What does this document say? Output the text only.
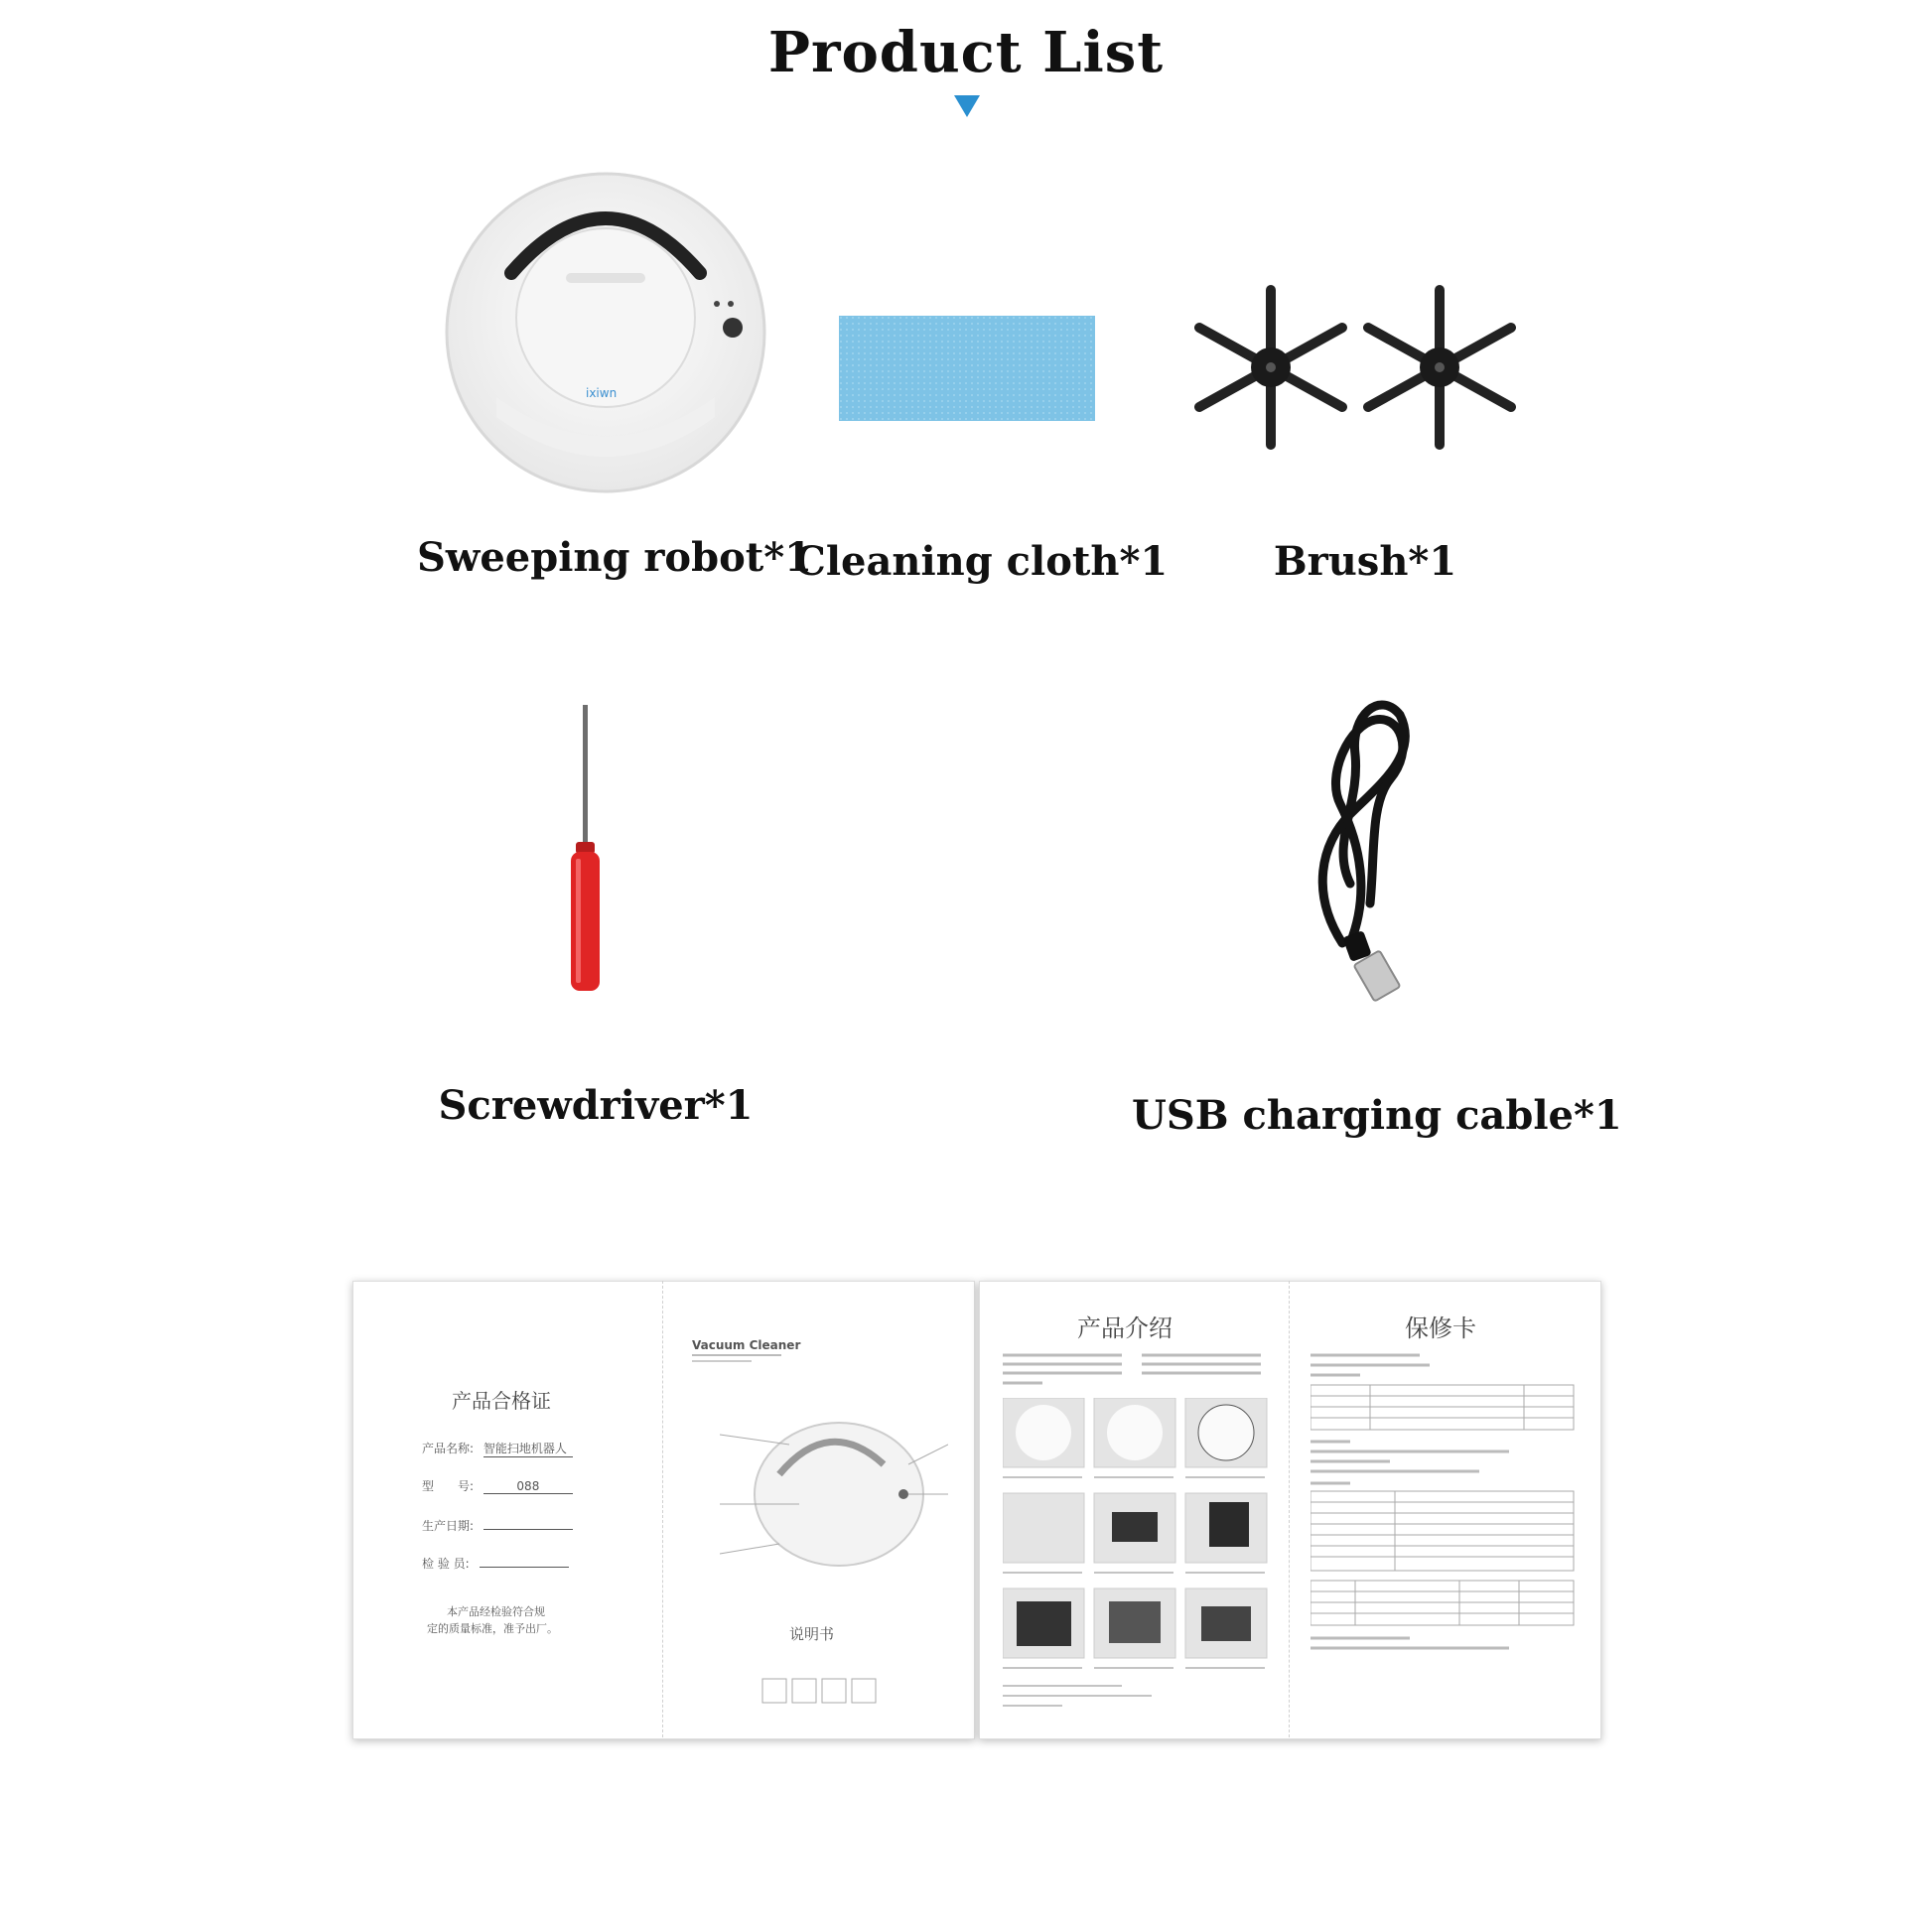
Product List
ixiwn
Sweeping robot*1
Cleaning cloth*1	Brush*1
Screwdriver*1	USB charging cable*1
产品合格证
产品名称: 智能扫地机器人
型　　号:	088
生产日期:
检 验 员:
本产品经检验符合规
定的质量标准，准予出厂。
Vacuum Cleaner
说明书
产品介绍	保修卡
